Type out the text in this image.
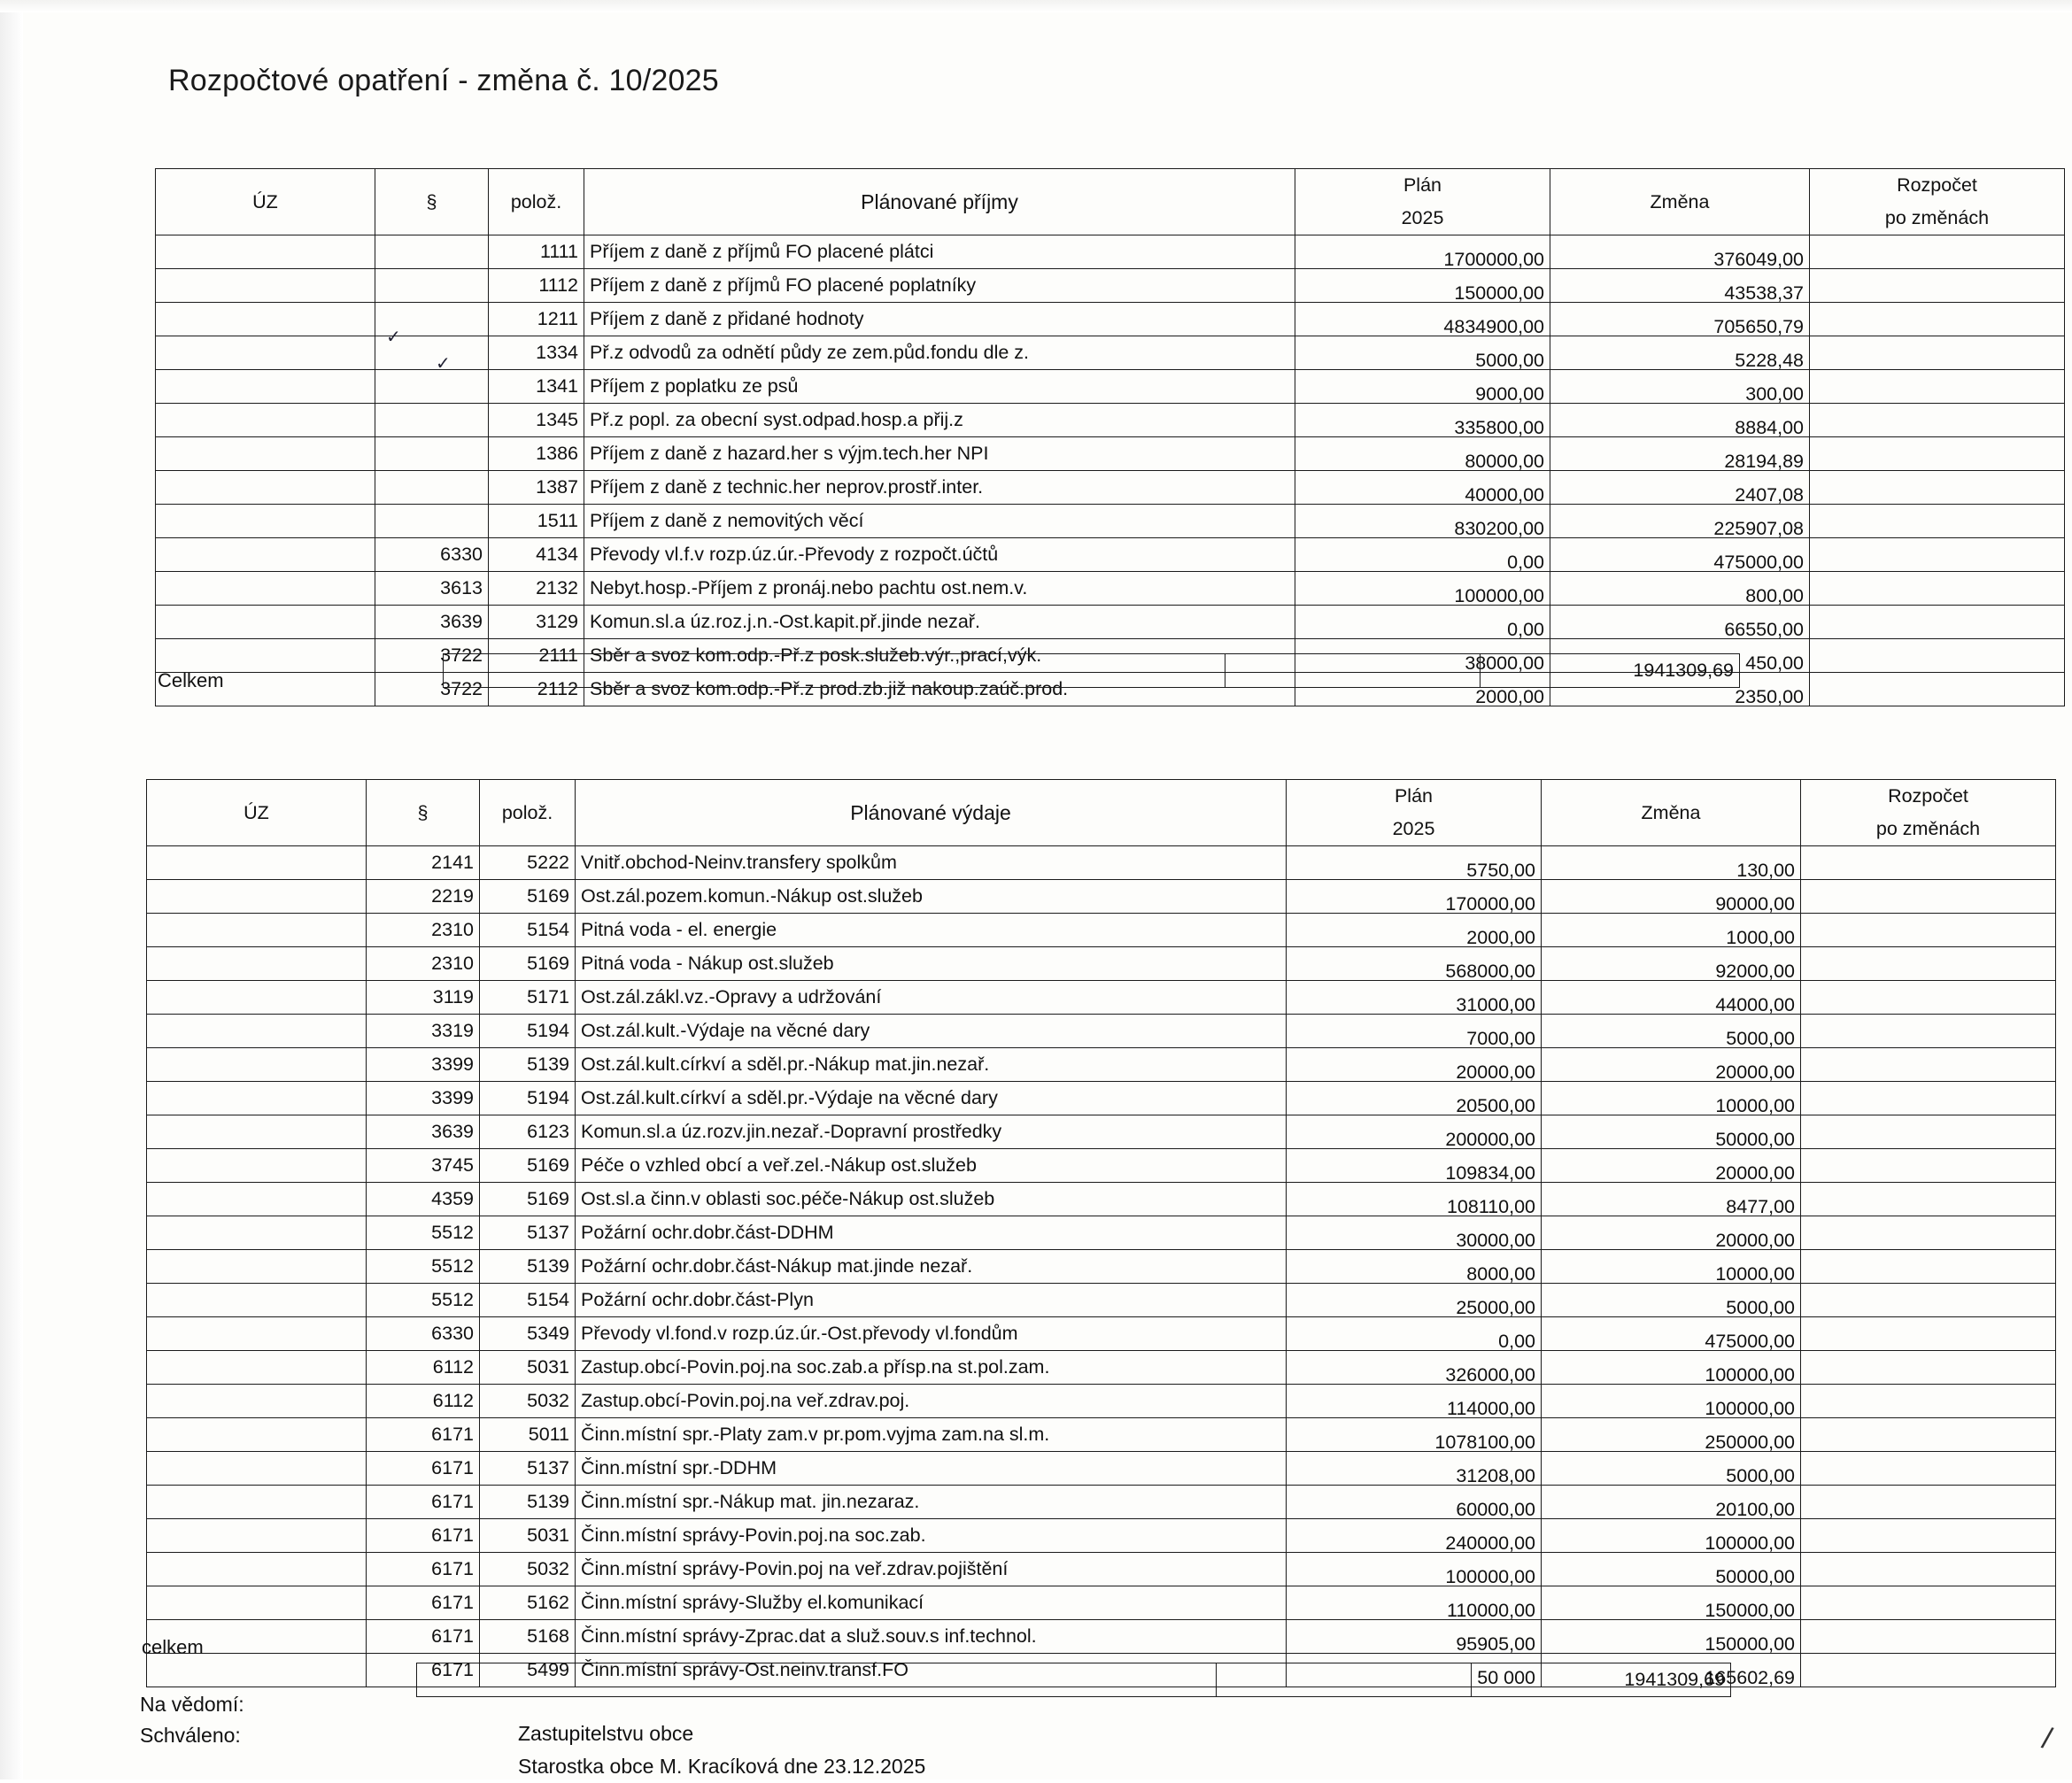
Rozpočtové opatření - změna č. 10/2025
ÚZ	§	polož.	Plánované příjmy	Plán	Změna	Rozpočet
				2025		po změnách
		1111	Příjem z daně z příjmů FO placené plátci	1700000,00	376049,00	

		1112	Příjem z daně z příjmů FO placené poplatníky	150000,00	43538,37	

		1211	Příjem z daně z přidané hodnoty	4834900,00	705650,79	

		1334	Př.z odvodů za odnětí půdy ze zem.půd.fondu dle z.	5000,00	5228,48	

		1341	Příjem z poplatku ze psů	9000,00	300,00	

		1345	Př.z popl. za obecní syst.odpad.hosp.a přij.z	335800,00	8884,00	

		1386	Příjem z daně z hazard.her s výjm.tech.her NPI	80000,00	28194,89	

		1387	Příjem z daně z technic.her neprov.prostř.inter.	40000,00	2407,08	

		1511	Příjem z daně z nemovitých věcí	830200,00	225907,08	

	6330	4134	Převody vl.f.v rozp.úz.úr.-Převody z rozpočt.účtů	0,00	475000,00	

	3613	2132	Nebyt.hosp.-Příjem z pronáj.nebo pachtu ost.nem.v.	100000,00	800,00	

	3639	3129	Komun.sl.a úz.roz.j.n.-Ost.kapit.př.jinde nezař.	0,00	66550,00	

	3722	2111	Sběr a svoz kom.odp.-Př.z posk.služeb.výr.,prací,výk.	38000,00	450,00	

	3722	2112	Sběr a svoz kom.odp.-Př.z prod.zb.již nakoup.zaúč.prod.	2000,00	2350,00	

Celkem
			1941309,69
ÚZ	§	polož.	Plánované výdaje	Plán	Změna	Rozpočet
				2025		po změnách
	2141	5222	Vnitř.obchod-Neinv.transfery spolkům	5750,00	130,00	

	2219	5169	Ost.zál.pozem.komun.-Nákup ost.služeb	170000,00	90000,00	

	2310	5154	Pitná voda - el. energie	2000,00	1000,00	

	2310	5169	Pitná voda - Nákup ost.služeb	568000,00	92000,00	

	3119	5171	Ost.zál.zákl.vz.-Opravy a udržování	31000,00	44000,00	

	3319	5194	Ost.zál.kult.-Výdaje na věcné dary	7000,00	5000,00	

	3399	5139	Ost.zál.kult.církví a sděl.pr.-Nákup mat.jin.nezař.	20000,00	20000,00	

	3399	5194	Ost.zál.kult.církví a sděl.pr.-Výdaje na věcné dary	20500,00	10000,00	

	3639	6123	Komun.sl.a úz.rozv.jin.nezař.-Dopravní prostředky	200000,00	50000,00	

	3745	5169	Péče o vzhled obcí a veř.zel.-Nákup ost.služeb	109834,00	20000,00	

	4359	5169	Ost.sl.a činn.v oblasti soc.péče-Nákup ost.služeb	108110,00	8477,00	

	5512	5137	Požární ochr.dobr.část-DDHM	30000,00	20000,00	

	5512	5139	Požární ochr.dobr.část-Nákup mat.jinde nezař.	8000,00	10000,00	

	5512	5154	Požární ochr.dobr.část-Plyn	25000,00	5000,00	

	6330	5349	Převody vl.fond.v rozp.úz.úr.-Ost.převody vl.fondům	0,00	475000,00	

	6112	5031	Zastup.obcí-Povin.poj.na soc.zab.a přísp.na st.pol.zam.	326000,00	100000,00	

	6112	5032	Zastup.obcí-Povin.poj.na veř.zdrav.poj.	114000,00	100000,00	

	6171	5011	Činn.místní spr.-Platy zam.v pr.pom.vyjma zam.na sl.m.	1078100,00	250000,00	

	6171	5137	Činn.místní spr.-DDHM	31208,00	5000,00	

	6171	5139	Činn.místní spr.-Nákup mat. jin.nezaraz.	60000,00	20100,00	

	6171	5031	Činn.místní správy-Povin.poj.na soc.zab.	240000,00	100000,00	

	6171	5032	Činn.místní správy-Povin.poj na veř.zdrav.pojištění	100000,00	50000,00	

	6171	5162	Činn.místní správy-Služby el.komunikací	110000,00	150000,00	

	6171	5168	Činn.místní správy-Zprac.dat a služ.souv.s inf.technol.	95905,00	150000,00	

	6171	5499	Činn.místní správy-Ost.neinv.transf.FO	50 000	165602,69	

celkem
		1941309,69
Na vědomí:
Schváleno:	Zastupitelstvu obce
Starostka obce M. Kracíková dne 23.12.2025
✓
✓
/
